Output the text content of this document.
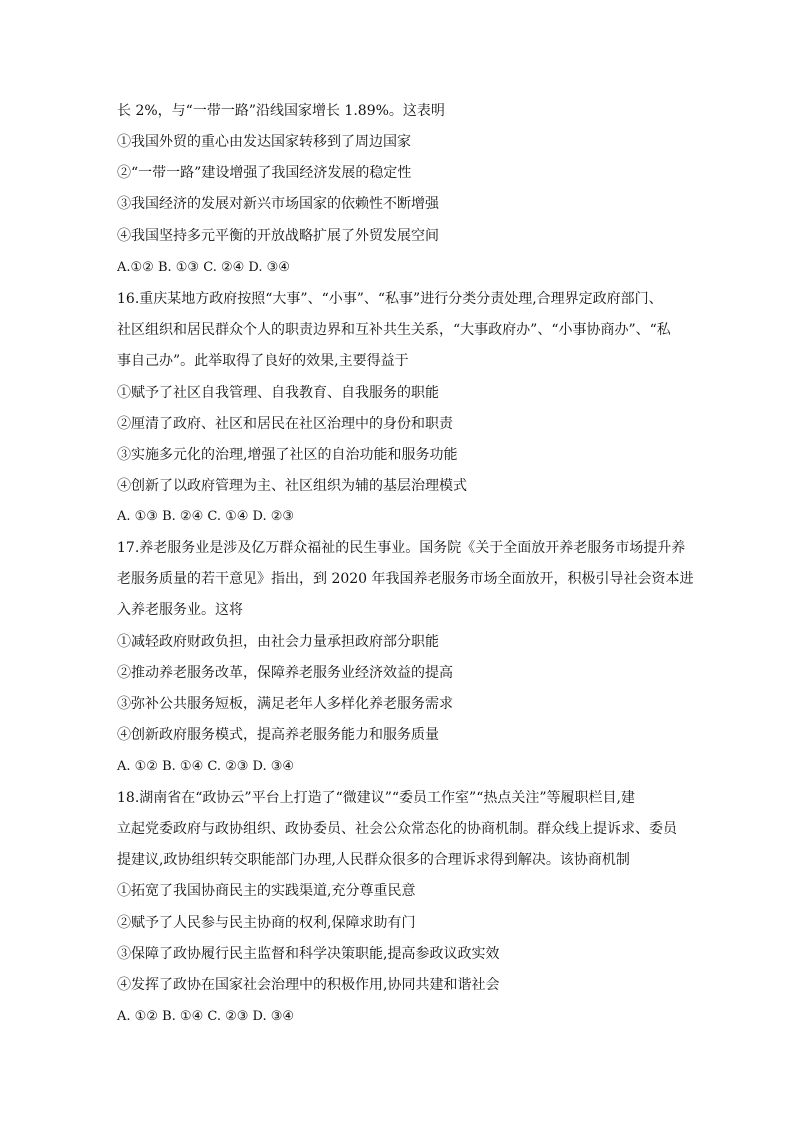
长 2%，与“一带一路”沿线国家增长 1.89%。这表明
①我国外贸的重心由发达国家转移到了周边国家
②“一带一路”建设增强了我国经济发展的稳定性
③我国经济的发展对新兴市场国家的依赖性不断增强
④我国坚持多元平衡的开放战略扩展了外贸发展空间
A.①② B. ①③ C. ②④ D. ③④
16.重庆某地方政府按照“大事”、“小事”、“私事”进行分类分责处理,合理界定政府部门、
社区组织和居民群众个人的职责边界和互补共生关系，“大事政府办”、“小事协商办”、“私
事自己办”。此举取得了良好的效果,主要得益于
①赋予了社区自我管理、自我教育、自我服务的职能
②厘清了政府、社区和居民在社区治理中的身份和职责
③实施多元化的治理,增强了社区的自治功能和服务功能
④创新了以政府管理为主、社区组织为辅的基层治理模式
A. ①③ B. ②④ C. ①④ D. ②③
17.养老服务业是涉及亿万群众福祉的民生事业。国务院《关于全面放开养老服务市场提升养
老服务质量的若干意见》指出，到 2020 年我国养老服务市场全面放开，积极引导社会资本进
入养老服务业。这将
①减轻政府财政负担，由社会力量承担政府部分职能
②推动养老服务改革，保障养老服务业经济效益的提高
③弥补公共服务短板，满足老年人多样化养老服务需求
④创新政府服务模式，提高养老服务能力和服务质量
A. ①② B. ①④ C. ②③ D. ③④
18.湖南省在“政协云”平台上打造了“微建议”“委员工作室”“热点关注”等履职栏目,建
立起党委政府与政协组织、政协委员、社会公众常态化的协商机制。群众线上提诉求、委员
提建议,政协组织转交职能部门办理,人民群众很多的合理诉求得到解决。该协商机制
①拓宽了我国协商民主的实践渠道,充分尊重民意
②赋予了人民参与民主协商的权利,保障求助有门
③保障了政协履行民主监督和科学决策职能,提高参政议政实效
④发挥了政协在国家社会治理中的积极作用,协同共建和谐社会
A. ①② B. ①④ C. ②③ D. ③④
